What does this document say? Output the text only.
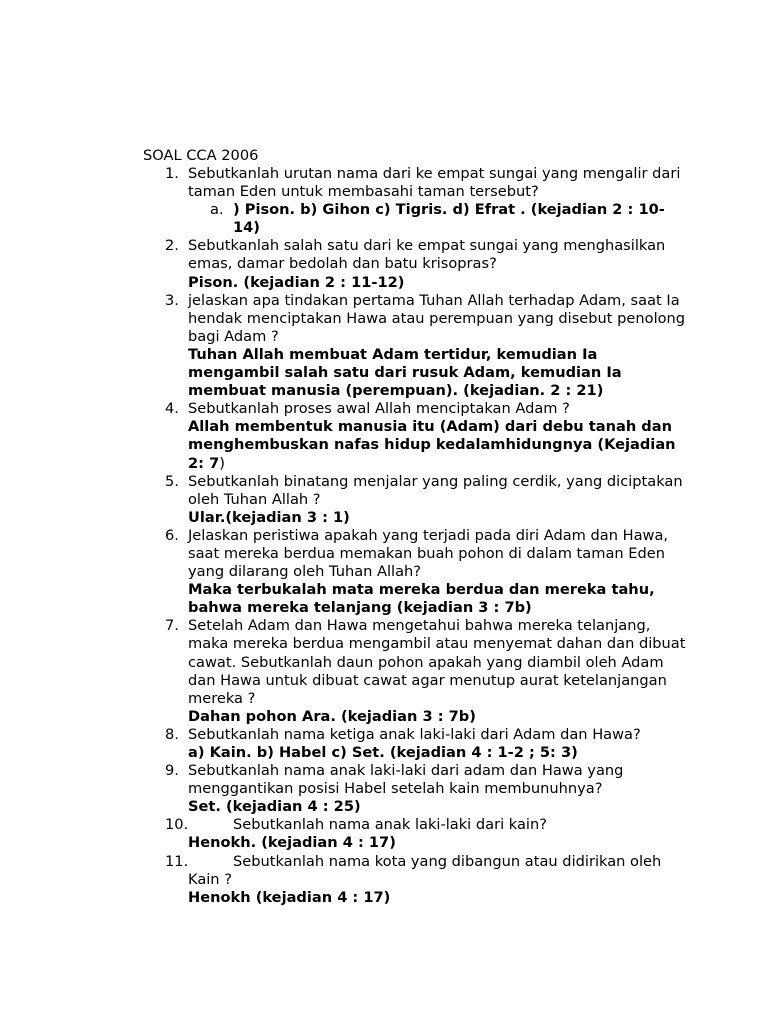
SOAL CCA 2006
1. Sebutkanlah urutan nama dari ke empat sungai yang mengalir dari taman Eden untuk membasahi taman tersebut?
a. ) Pison. b) Gihon c) Tigris. d) Efrat . (kejadian 2 : 10-14)
2. Sebutkanlah salah satu dari ke empat sungai yang menghasilkan emas, damar bedolah dan batu krisopras?
Pison. (kejadian 2 : 11-12)
3. jelaskan apa tindakan pertama Tuhan Allah terhadap Adam, saat Ia hendak menciptakan Hawa atau perempuan yang disebut penolong bagi Adam ?
Tuhan Allah membuat Adam tertidur, kemudian Ia mengambil salah satu dari rusuk Adam, kemudian Ia membuat manusia (perempuan). (kejadian. 2 : 21)
4. Sebutkanlah proses awal Allah menciptakan Adam ?
Allah membentuk manusia itu (Adam) dari debu tanah dan menghembuskan nafas hidup kedalamhidungnya (Kejadian 2: 7)
5. Sebutkanlah binatang menjalar yang paling cerdik, yang diciptakan oleh Tuhan Allah ?
Ular.(kejadian 3 : 1)
6. Jelaskan peristiwa apakah yang terjadi pada diri Adam dan Hawa, saat mereka berdua memakan buah pohon di dalam taman Eden yang dilarang oleh Tuhan Allah?
Maka terbukalah mata mereka berdua dan mereka tahu, bahwa mereka telanjang (kejadian 3 : 7b)
7. Setelah Adam dan Hawa mengetahui bahwa mereka telanjang, maka mereka berdua mengambil atau menyemat dahan dan dibuat cawat. Sebutkanlah daun pohon apakah yang diambil oleh Adam dan Hawa untuk dibuat cawat agar menutup aurat ketelanjangan mereka ?
Dahan pohon Ara. (kejadian 3 : 7b)
8. Sebutkanlah nama ketiga anak laki-laki dari Adam dan Hawa?
a) Kain. b) Habel c) Set. (kejadian 4 : 1-2 ; 5: 3)
9. Sebutkanlah nama anak laki-laki dari adam dan Hawa yang menggantikan posisi Habel setelah kain membunuhnya?
Set. (kejadian 4 : 25)
10.	Sebutkanlah nama anak laki-laki dari kain?
Henokh. (kejadian 4 : 17)
11.	Sebutkanlah nama kota yang dibangun atau didirikan oleh Kain ?
Henokh (kejadian 4 : 17)
